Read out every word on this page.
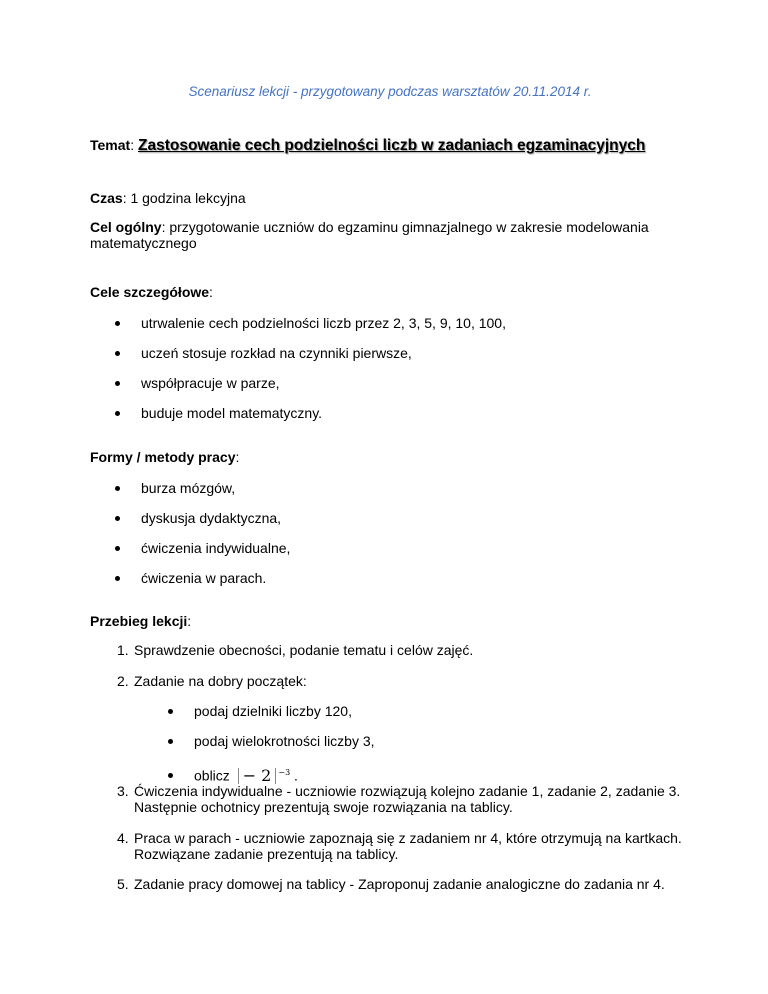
Scenariusz lekcji - przygotowany podczas warsztatów 20.11.2014 r.
Temat: Zastosowanie cech podzielności liczb w zadaniach egzaminacyjnych
Czas: 1 godzina lekcyjna
Cel ogólny: przygotowanie uczniów do egzaminu gimnazjalnego w zakresie modelowania matematycznego
Cele szczegółowe:
utrwalenie cech podzielności liczb przez 2, 3, 5, 9, 10, 100,
uczeń stosuje rozkład na czynniki pierwsze,
współpracuje w parze,
buduje model matematyczny.
Formy / metody pracy:
burza mózgów,
dyskusja dydaktyczna,
ćwiczenia indywidualne,
ćwiczenia w parach.
Przebieg lekcji:
1. Sprawdzenie obecności, podanie tematu i celów zajęć.
2. Zadanie na dobry początek:
podaj dzielniki liczby 120,
podaj wielokrotności liczby 3,
oblicz − 2 $^{-3}$ .
3. Ćwiczenia indywidualne - uczniowie rozwiązują kolejno zadanie 1, zadanie 2, zadanie 3. Następnie ochotnicy prezentują swoje rozwiązania na tablicy.
4. Praca w parach - uczniowie zapoznają się z zadaniem nr 4, które otrzymują na kartkach. Rozwiązane zadanie prezentują na tablicy.
5. Zadanie pracy domowej na tablicy - Zaproponuj zadanie analogiczne do zadania nr 4.
